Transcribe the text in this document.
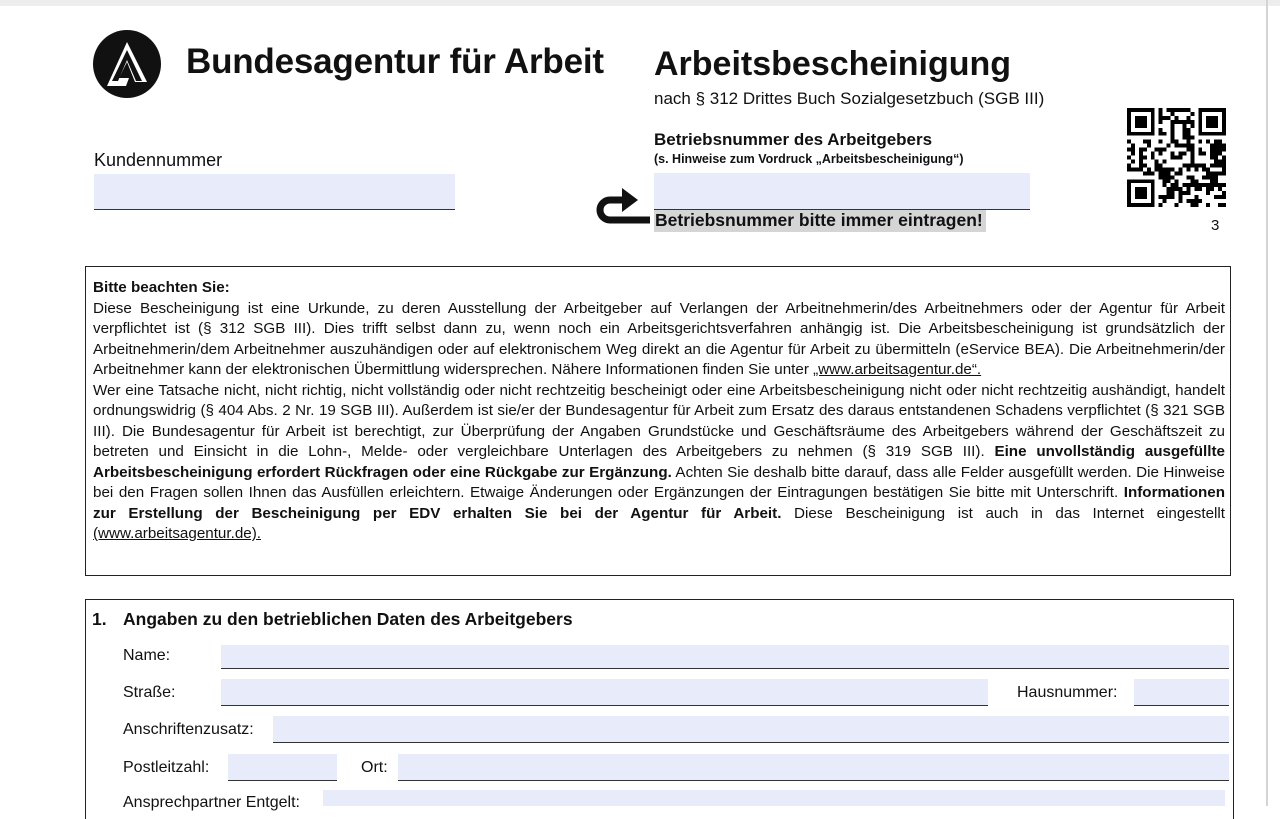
Bundesagentur für Arbeit Arbeitsbescheinigung
nach § 312 Drittes Buch Sozialgesetzbuch (SGB III)
3
Kundennummer
Betriebsnummer des Arbeitgebers
(s. Hinweise zum Vordruck „Arbeitsbescheinigung“)
Betriebsnummer bitte immer eintragen!
Bitte beachten Sie:
Diese Bescheinigung ist eine Urkunde, zu deren Ausstellung der Arbeitgeber auf Verlangen der Arbeitnehmerin/des Arbeitnehmers oder der Agentur für Arbeit verpflichtet ist (§ 312 SGB III). Dies trifft selbst dann zu, wenn noch ein Arbeitsgerichtsverfahren anhängig ist. Die Arbeitsbescheinigung ist grundsätzlich der Arbeitnehmerin/dem Arbeitnehmer auszuhändigen oder auf elektronischem Weg direkt an die Agentur für Arbeit zu übermitteln (eService BEA). Die Arbeitnehmerin/der Arbeitnehmer kann der elektronischen Übermittlung widersprechen. Nähere Informationen finden Sie unter „www.arbeitsagentur.de“.
Wer eine Tatsache nicht, nicht richtig, nicht vollständig oder nicht rechtzeitig bescheinigt oder eine Arbeitsbescheinigung nicht oder nicht rechtzeitig aushändigt, handelt ordnungswidrig (§ 404 Abs. 2 Nr. 19 SGB III). Außerdem ist sie/er der Bundesagentur für Arbeit zum Ersatz des daraus entstandenen Schadens verpflichtet (§ 321 SGB III). Die Bundesagentur für Arbeit ist berechtigt, zur Überprüfung der Angaben Grundstücke und Geschäftsräume des Arbeitgebers während der Geschäftszeit zu betreten und Einsicht in die Lohn-, Melde- oder vergleichbare Unterlagen des Arbeitgebers zu nehmen (§ 319 SGB III). Eine unvollständig ausgefüllte Arbeitsbescheinigung erfordert Rückfragen oder eine Rückgabe zur Ergänzung. Achten Sie deshalb bitte darauf, dass alle Felder ausgefüllt werden. Die Hinweise bei den Fragen sollen Ihnen das Ausfüllen erleichtern. Etwaige Änderungen oder Ergänzungen der Eintragungen bestätigen Sie bitte mit Unterschrift. Informationen zur Erstellung der Bescheinigung per EDV erhalten Sie bei der Agentur für Arbeit. Diese Bescheinigung ist auch in das Internet eingestellt (www.arbeitsagentur.de).
1. Angaben zu den betrieblichen Daten des Arbeitgebers
Name:
Straße:	Hausnummer:
Anschriftenzusatz:
Postleitzahl:	Ort:
Ansprechpartner Entgelt:
